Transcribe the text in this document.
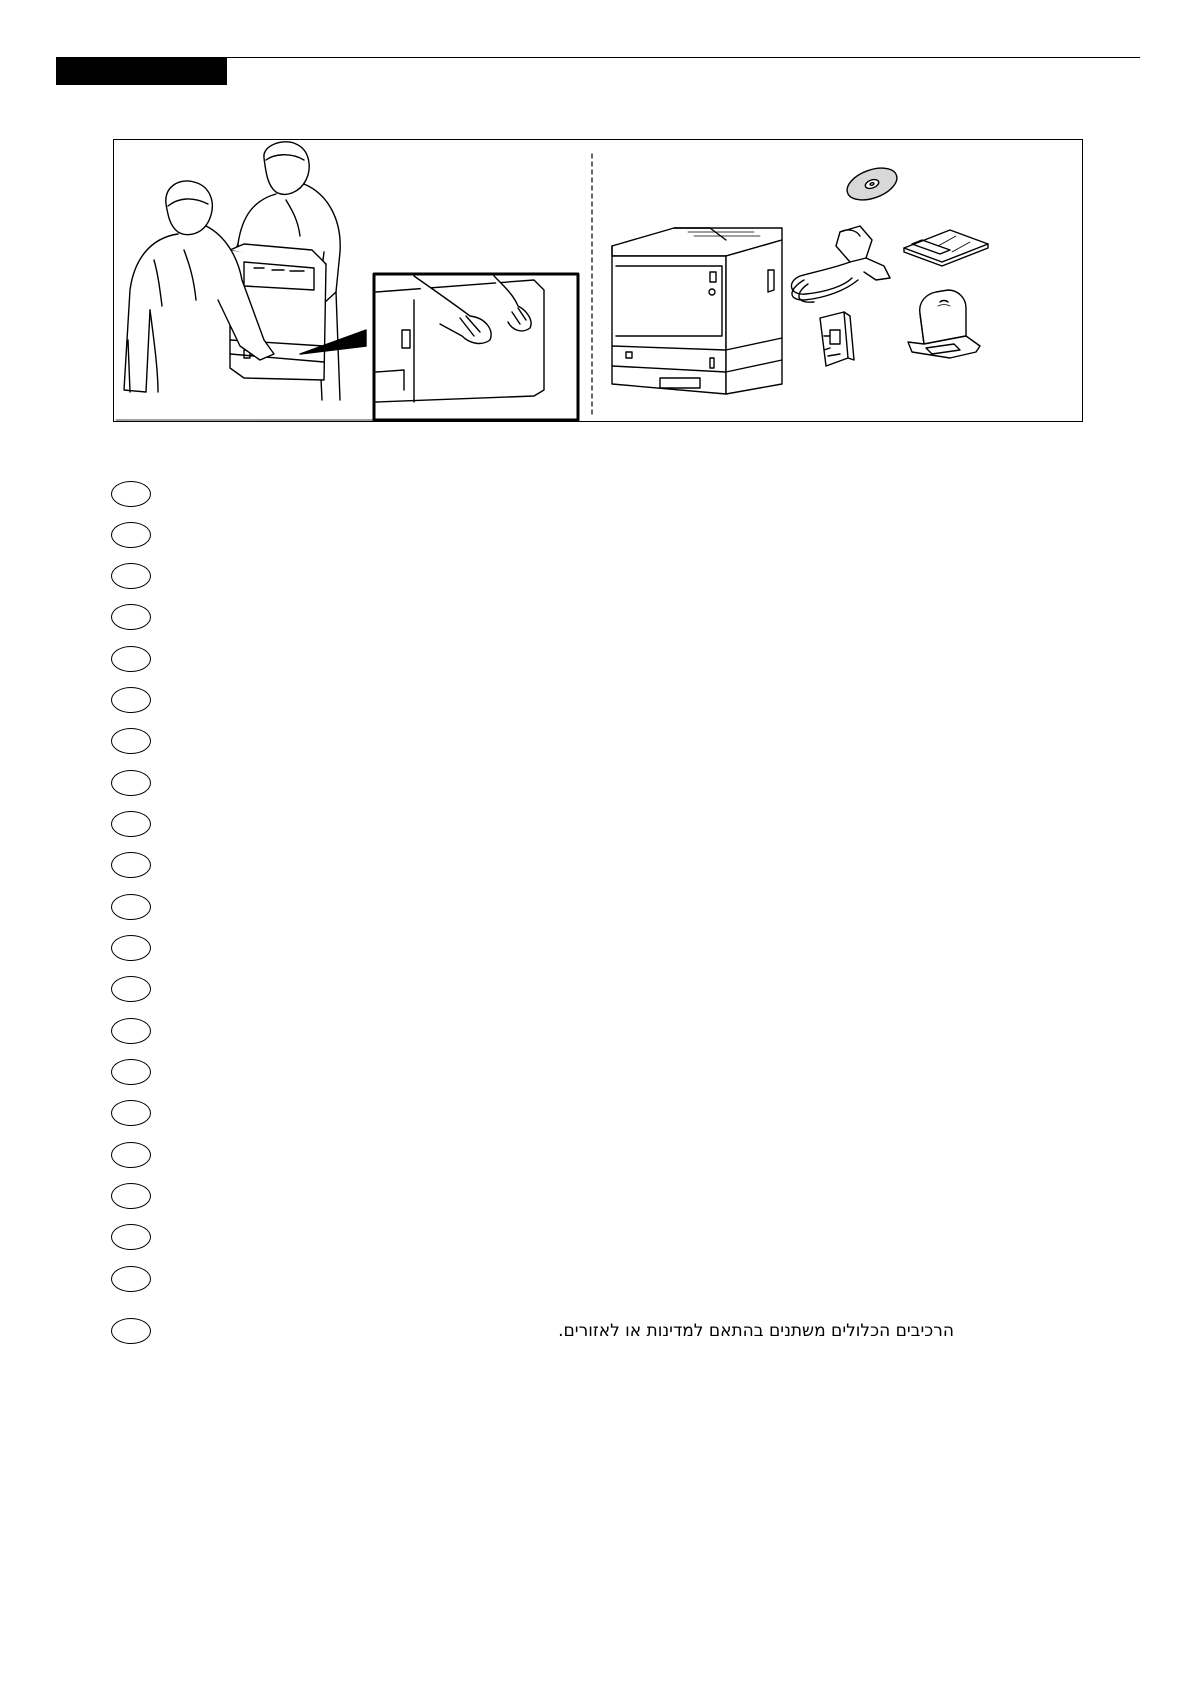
הרכיבים הכלולים משתנים בהתאם למדינות או לאזורים.
